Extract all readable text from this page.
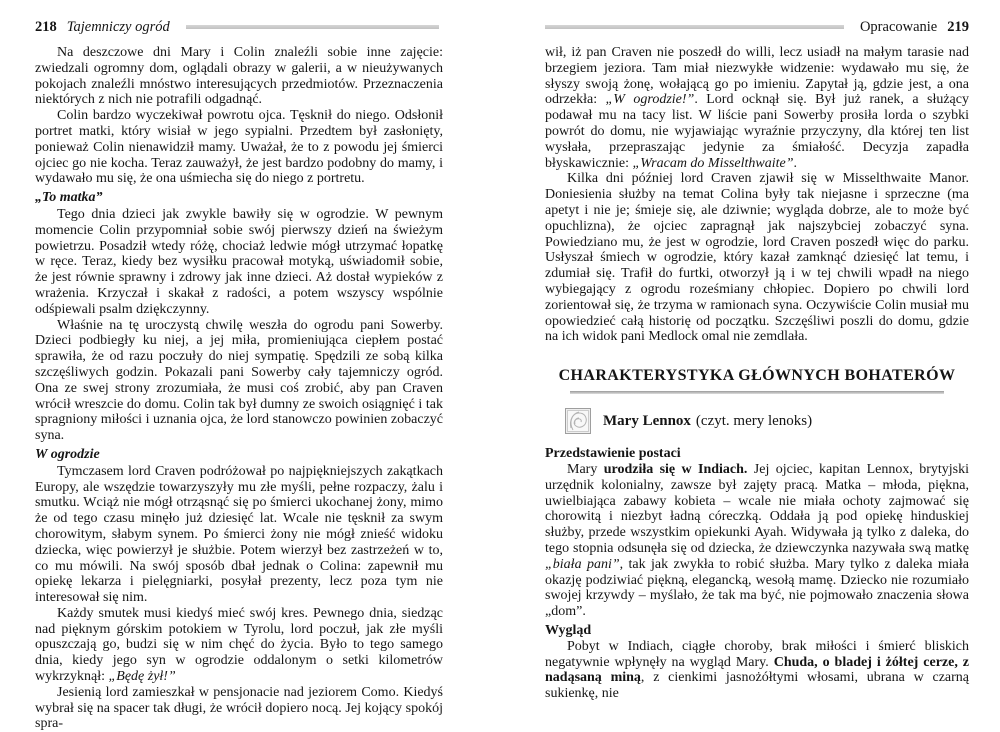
218 Tajemniczy ogród

Na deszczowe dni Mary i Colin znaleźli sobie inne zajęcie: zwiedzali ogromny dom, oglądali obrazy w galerii, a w nieużywanych pokojach znaleźli mnóstwo interesujących przedmiotów. Przeznaczenia niektórych z nich nie potrafili odgadnąć.

Colin bardzo wyczekiwał powrotu ojca. Tęsknił do niego. Odsłonił portret matki, który wisiał w jego sypialni. Przedtem był zasłonięty, ponieważ Colin nienawidził mamy. Uważał, że to z powodu jej śmierci ojciec go nie kocha. Teraz zauważył, że jest bardzo podobny do mamy, i wydawało mu się, że ona uśmiecha się do niego z portretu.

„To matka”

Tego dnia dzieci jak zwykle bawiły się w ogrodzie. W pewnym momencie Colin przypomniał sobie swój pierwszy dzień na świeżym powietrzu. Posadził wtedy różę, chociaż ledwie mógł utrzymać łopatkę w ręce. Teraz, kiedy bez wysiłku pracował motyką, uświadomił sobie, że jest równie sprawny i zdrowy jak inne dzieci. Aż dostał wypieków z wrażenia. Krzyczał i skakał z radości, a potem wszyscy wspólnie odśpiewali psalm dziękczynny.

Właśnie na tę uroczystą chwilę weszła do ogrodu pani Sowerby. Dzieci podbiegły ku niej, a jej miła, promieniująca ciepłem postać sprawiła, że od razu poczuły do niej sympatię. Spędzili ze sobą kilka szczęśliwych godzin. Pokazali pani Sowerby cały tajemniczy ogród. Ona ze swej strony zrozumiała, że musi coś zrobić, aby pan Craven wrócił wreszcie do domu. Colin tak był dumny ze swoich osiągnięć i tak spragniony miłości i uznania ojca, że lord stanowczo powinien zobaczyć syna.

W ogrodzie

Tymczasem lord Craven podróżował po najpiękniejszych zakątkach Europy, ale wszędzie towarzyszyły mu złe myśli, pełne rozpaczy, żalu i smutku. Wciąż nie mógł otrząsnąć się po śmierci ukochanej żony, mimo że od tego czasu minęło już dziesięć lat. Wcale nie tęsknił za swym chorowitym, słabym synem. Po śmierci żony nie mógł znieść widoku dziecka, więc powierzył je służbie. Potem wierzył bez zastrzeżeń w to, co mu mówili. Na swój sposób dbał jednak o Colina: zapewnił mu opiekę lekarza i pielęgniarki, posyłał prezenty, lecz poza tym nie interesował się nim.

Każdy smutek musi kiedyś mieć swój kres. Pewnego dnia, siedząc nad pięknym górskim potokiem w Tyrolu, lord poczuł, jak złe myśli opuszczają go, budzi się w nim chęć do życia. Było to tego samego dnia, kiedy jego syn w ogrodzie oddalonym o setki kilometrów wykrzyknął: „Będę żył!”

Jesienią lord zamieszkał w pensjonacie nad jeziorem Como. Kiedyś wybrał się na spacer tak długi, że wrócił dopiero nocą. Jej kojący spokój spra-

Opracowanie 219

wił, iż pan Craven nie poszedł do willi, lecz usiadł na małym tarasie nad brzegiem jeziora. Tam miał niezwykłe widzenie: wydawało mu się, że słyszy swoją żonę, wołającą go po imieniu. Zapytał ją, gdzie jest, a ona odrzekła: „W ogrodzie!”. Lord ocknął się. Był już ranek, a służący podawał mu na tacy list. W liście pani Sowerby prosiła lorda o szybki powrót do domu, nie wyjawiając wyraźnie przyczyny, dla której ten list wysłała, przepraszając jedynie za śmiałość. Decyzja zapadła błyskawicznie: „Wracam do Misselthwaite”.

Kilka dni później lord Craven zjawił się w Misselthwaite Manor. Doniesienia służby na temat Colina były tak niejasne i sprzeczne (ma apetyt i nie je; śmieje się, ale dziwnie; wygląda dobrze, ale to może być opuchlizna), że ojciec zapragnął jak najszybciej zobaczyć syna. Powiedziano mu, że jest w ogrodzie, lord Craven poszedł więc do parku. Usłyszał śmiech w ogrodzie, który kazał zamknąć dziesięć lat temu, i zdumiał się. Trafił do furtki, otworzył ją i w tej chwili wpadł na niego wybiegający z ogrodu roześmiany chłopiec. Dopiero po chwili lord zorientował się, że trzyma w ramionach syna. Oczywiście Colin musiał mu opowiedzieć całą historię od początku. Szczęśliwi poszli do domu, gdzie na ich widok pani Medlock omal nie zemdlała.

CHARAKTERYSTYKA GŁÓWNYCH BOHATERÓW
Mary Lennox (czyt. mery lenoks)
Przedstawienie postaci

Mary urodziła się w Indiach. Jej ojciec, kapitan Lennox, brytyjski urzędnik kolonialny, zawsze był zajęty pracą. Matka – młoda, piękna, uwielbiająca zabawy kobieta – wcale nie miała ochoty zajmować się chorowitą i niezbyt ładną córeczką. Oddała ją pod opiekę hinduskiej służby, przede wszystkim opiekunki Ayah. Widywała ją tylko z daleka, do tego stopnia odsunęła się od dziecka, że dziewczynka nazywała swą matkę „biała pani”, tak jak zwykła to robić służba. Mary tylko z daleka miała okazję podziwiać piękną, elegancką, wesołą mamę. Dziecko nie rozumiało swojej krzywdy – myślało, że tak ma być, nie pojmowało znaczenia słowa „dom”.

Wygląd

Pobyt w Indiach, ciągłe choroby, brak miłości i śmierć bliskich negatywnie wpłynęły na wygląd Mary. Chuda, o bladej i żółtej cerze, z nadąsaną miną, z cienkimi jasnożółtymi włosami, ubrana w czarną sukienkę, nie
